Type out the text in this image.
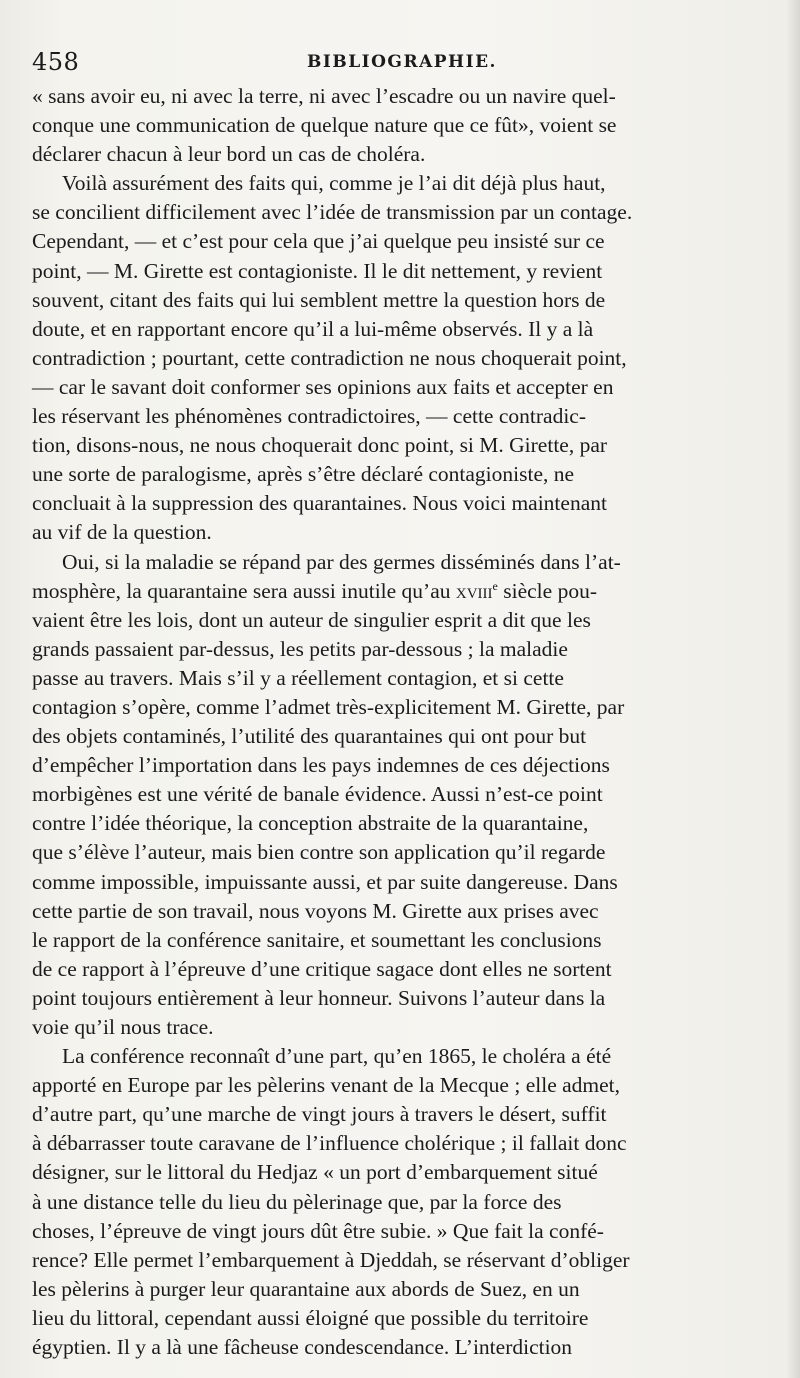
458	BIBLIOGRAPHIE.
« sans avoir eu, ni avec la terre, ni avec l’escadre ou un navire quel-
conque une communication de quelque nature que ce fût», voient se
déclarer chacun à leur bord un cas de choléra.
Voilà assurément des faits qui, comme je l’ai dit déjà plus haut,
se concilient difficilement avec l’idée de transmission par un contage.
Cependant, — et c’est pour cela que j’ai quelque peu insisté sur ce
point, — M. Girette est contagioniste. Il le dit nettement, y revient
souvent, citant des faits qui lui semblent mettre la question hors de
doute, et en rapportant encore qu’il a lui-même observés. Il y a là
contradiction ; pourtant, cette contradiction ne nous choquerait point,
— car le savant doit conformer ses opinions aux faits et accepter en
les réservant les phénomènes contradictoires, — cette contradic-
tion, disons-nous, ne nous choquerait donc point, si M. Girette, par
une sorte de paralogisme, après s’être déclaré contagioniste, ne
concluait à la suppression des quarantaines. Nous voici maintenant
au vif de la question.
Oui, si la maladie se répand par des germes disséminés dans l’at-
mosphère, la quarantaine sera aussi inutile qu’au xviii$^e$ siècle pou-
vaient être les lois, dont un auteur de singulier esprit a dit que les
grands passaient par-dessus, les petits par-dessous ; la maladie
passe au travers. Mais s’il y a réellement contagion, et si cette
contagion s’opère, comme l’admet très-explicitement M. Girette, par
des objets contaminés, l’utilité des quarantaines qui ont pour but
d’empêcher l’importation dans les pays indemnes de ces déjections
morbigènes est une vérité de banale évidence. Aussi n’est-ce point
contre l’idée théorique, la conception abstraite de la quarantaine,
que s’élève l’auteur, mais bien contre son application qu’il regarde
comme impossible, impuissante aussi, et par suite dangereuse. Dans
cette partie de son travail, nous voyons M. Girette aux prises avec
le rapport de la conférence sanitaire, et soumettant les conclusions
de ce rapport à l’épreuve d’une critique sagace dont elles ne sortent
point toujours entièrement à leur honneur. Suivons l’auteur dans la
voie qu’il nous trace.
La conférence reconnaît d’une part, qu’en 1865, le choléra a été
apporté en Europe par les pèlerins venant de la Mecque ; elle admet,
d’autre part, qu’une marche de vingt jours à travers le désert, suffit
à débarrasser toute caravane de l’influence cholérique ; il fallait donc
désigner, sur le littoral du Hedjaz « un port d’embarquement situé
à une distance telle du lieu du pèlerinage que, par la force des
choses, l’épreuve de vingt jours dût être subie. » Que fait la confé-
rence? Elle permet l’embarquement à Djeddah, se réservant d’obliger
les pèlerins à purger leur quarantaine aux abords de Suez, en un
lieu du littoral, cependant aussi éloigné que possible du territoire
égyptien. Il y a là une fâcheuse condescendance. L’interdiction
